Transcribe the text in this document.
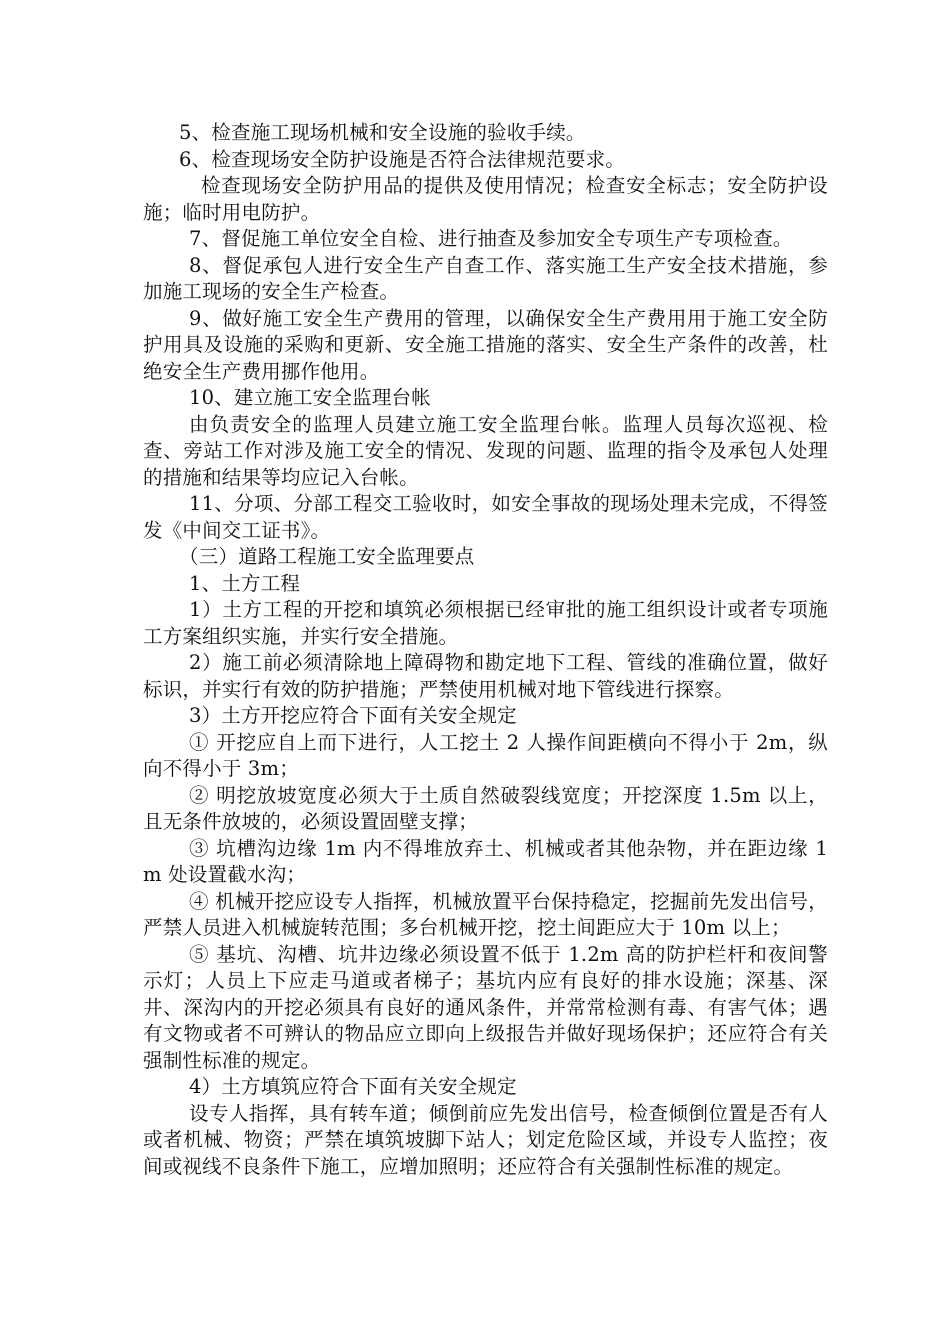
5、检查施工现场机械和安全设施的验收手续。

6、检查现场安全防护设施是否符合法律规范要求。

检查现场安全防护用品的提供及使用情况；检查安全标志；安全防护设施；临时用电防护。

7、督促施工单位安全自检、进行抽查及参加安全专项生产专项检查。

8、督促承包人进行安全生产自查工作、落实施工生产安全技术措施，参加施工现场的安全生产检查。

9、做好施工安全生产费用的管理，以确保安全生产费用用于施工安全防护用具及设施的采购和更新、安全施工措施的落实、安全生产条件的改善，杜绝安全生产费用挪作他用。

10、建立施工安全监理台帐

由负责安全的监理人员建立施工安全监理台帐。监理人员每次巡视、检查、旁站工作对涉及施工安全的情况、发现的问题、监理的指令及承包人处理的措施和结果等均应记入台帐。

11、分项、分部工程交工验收时，如安全事故的现场处理未完成，不得签发《中间交工证书》。

（三）道路工程施工安全监理要点

1、土方工程

1）土方工程的开挖和填筑必须根据已经审批的施工组织设计或者专项施工方案组织实施，并实行安全措施。

2）施工前必须清除地上障碍物和勘定地下工程、管线的准确位置，做好标识，并实行有效的防护措施；严禁使用机械对地下管线进行探察。

3）土方开挖应符合下面有关安全规定

① 开挖应自上而下进行，人工挖土 2 人操作间距横向不得小于 2m，纵向不得小于 3m；

② 明挖放坡宽度必须大于土质自然破裂线宽度；开挖深度 1.5m 以上，且无条件放坡的，必须设置固壁支撑；

③ 坑槽沟边缘 1m 内不得堆放弃土、机械或者其他杂物，并在距边缘 1m 处设置截水沟；

④ 机械开挖应设专人指挥，机械放置平台保持稳定，挖掘前先发出信号，严禁人员进入机械旋转范围；多台机械开挖，挖土间距应大于 10m 以上；

⑤ 基坑、沟槽、坑井边缘必须设置不低于 1.2m 高的防护栏杆和夜间警示灯；人员上下应走马道或者梯子；基坑内应有良好的排水设施；深基、深井、深沟内的开挖必须具有良好的通风条件，并常常检测有毒、有害气体；遇有文物或者不可辨认的物品应立即向上级报告并做好现场保护；还应符合有关强制性标准的规定。

4）土方填筑应符合下面有关安全规定

设专人指挥，具有转车道；倾倒前应先发出信号，检查倾倒位置是否有人或者机械、物资；严禁在填筑坡脚下站人；划定危险区域，并设专人监控；夜间或视线不良条件下施工，应增加照明；还应符合有关强制性标准的规定。
